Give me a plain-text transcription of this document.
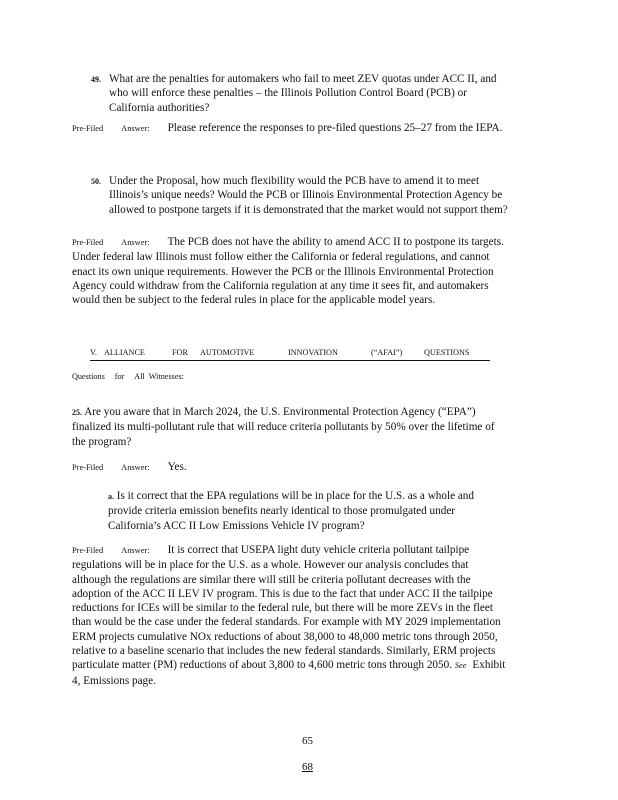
49. What are the penalties for automakers who fail to meet ZEV quotas under ACC II, and who will enforce these penalties – the Illinois Pollution Control Board (PCB) or California authorities?
Pre-Filed Answer: Please reference the responses to pre-filed questions 25–27 from the IEPA.
50. Under the Proposal, how much flexibility would the PCB have to amend it to meet Illinois’s unique needs? Would the PCB or Illinois Environmental Protection Agency be allowed to postpone targets if it is demonstrated that the market would not support them?
Pre-Filed Answer: The PCB does not have the ability to amend ACC II to postpone its targets. Under federal law Illinois must follow either the California or federal regulations, and cannot enact its own unique requirements. However the PCB or the Illinois Environmental Protection Agency could withdraw from the California regulation at any time it sees fit, and automakers would then be subject to the federal rules in place for the applicable model years.
V. ALLIANCE	FOR AUTOMOTIVE	INNOVATION	(“AFAI”)	QUESTIONS
Questions for All Witnesses:
25. Are you aware that in March 2024, the U.S. Environmental Protection Agency (“EPA”) finalized its multi-pollutant rule that will reduce criteria pollutants by 50% over the lifetime of the program?
Pre-Filed Answer: Yes.
a. Is it correct that the EPA regulations will be in place for the U.S. as a whole and provide criteria emission benefits nearly identical to those promulgated under California’s ACC II Low Emissions Vehicle IV program?
Pre-Filed Answer: It is correct that USEPA light duty vehicle criteria pollutant tailpipe regulations will be in place for the U.S. as a whole. However our analysis concludes that although the regulations are similar there will still be criteria pollutant decreases with the adoption of the ACC II LEV IV program. This is due to the fact that under ACC II the tailpipe reductions for ICEs will be similar to the federal rule, but there will be more ZEVs in the fleet than would be the case under the federal standards. For example with MY 2029 implementation ERM projects cumulative NOx reductions of about 38,000 to 48,000 metric tons through 2050, relative to a baseline scenario that includes the new federal standards. Similarly, ERM projects particulate matter (PM) reductions of about 3,800 to 4,600 metric tons through 2050. See Exhibit 4, Emissions page.
65
68
